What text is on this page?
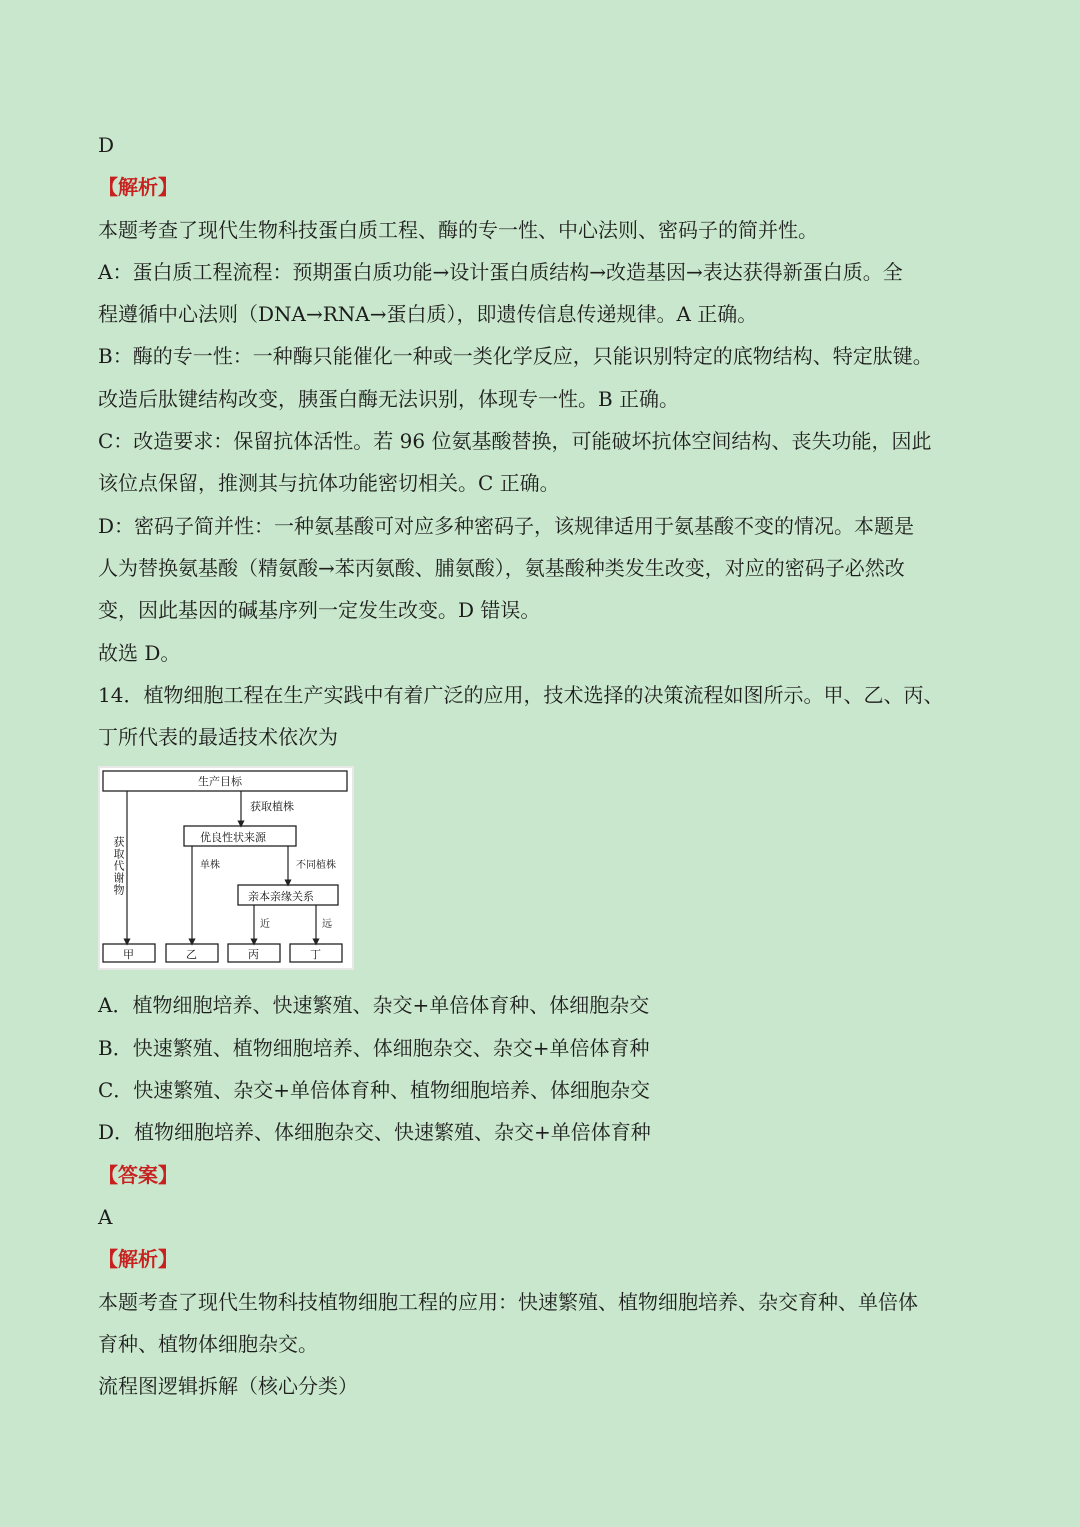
D
【解析】
本题考查了现代生物科技蛋白质工程、酶的专一性、中心法则、密码子的简并性。
A：蛋白质工程流程：预期蛋白质功能→设计蛋白质结构→改造基因→表达获得新蛋白质。全
程遵循中心法则（DNA→RNA→蛋白质），即遗传信息传递规律。A 正确。
B：酶的专一性：一种酶只能催化一种或一类化学反应，只能识别特定的底物结构、特定肽键。
改造后肽键结构改变，胰蛋白酶无法识别，体现专一性。B 正确。
C：改造要求：保留抗体活性。若 96 位氨基酸替换，可能破坏抗体空间结构、丧失功能，因此
该位点保留，推测其与抗体功能密切相关。C 正确。
D：密码子简并性：一种氨基酸可对应多种密码子，该规律适用于氨基酸不变的情况。本题是
人为替换氨基酸（精氨酸→苯丙氨酸、脯氨酸），氨基酸种类发生改变，对应的密码子必然改
变，因此基因的碱基序列一定发生改变。D 错误。
故选 D。
14．植物细胞工程在生产实践中有着广泛的应用，技术选择的决策流程如图所示。甲、乙、丙、
丁所代表的最适技术依次为
生产目标
获取植株
获取代谢物	优良性状来源
单株	不同植株
亲本亲缘关系
近	远
甲	乙	丙	丁
A．植物细胞培养、快速繁殖、杂交+单倍体育种、体细胞杂交
B．快速繁殖、植物细胞培养、体细胞杂交、杂交+单倍体育种
C．快速繁殖、杂交+单倍体育种、植物细胞培养、体细胞杂交
D．植物细胞培养、体细胞杂交、快速繁殖、杂交+单倍体育种
【答案】
A
【解析】
本题考查了现代生物科技植物细胞工程的应用：快速繁殖、植物细胞培养、杂交育种、单倍体
育种、植物体细胞杂交。
流程图逻辑拆解（核心分类）
